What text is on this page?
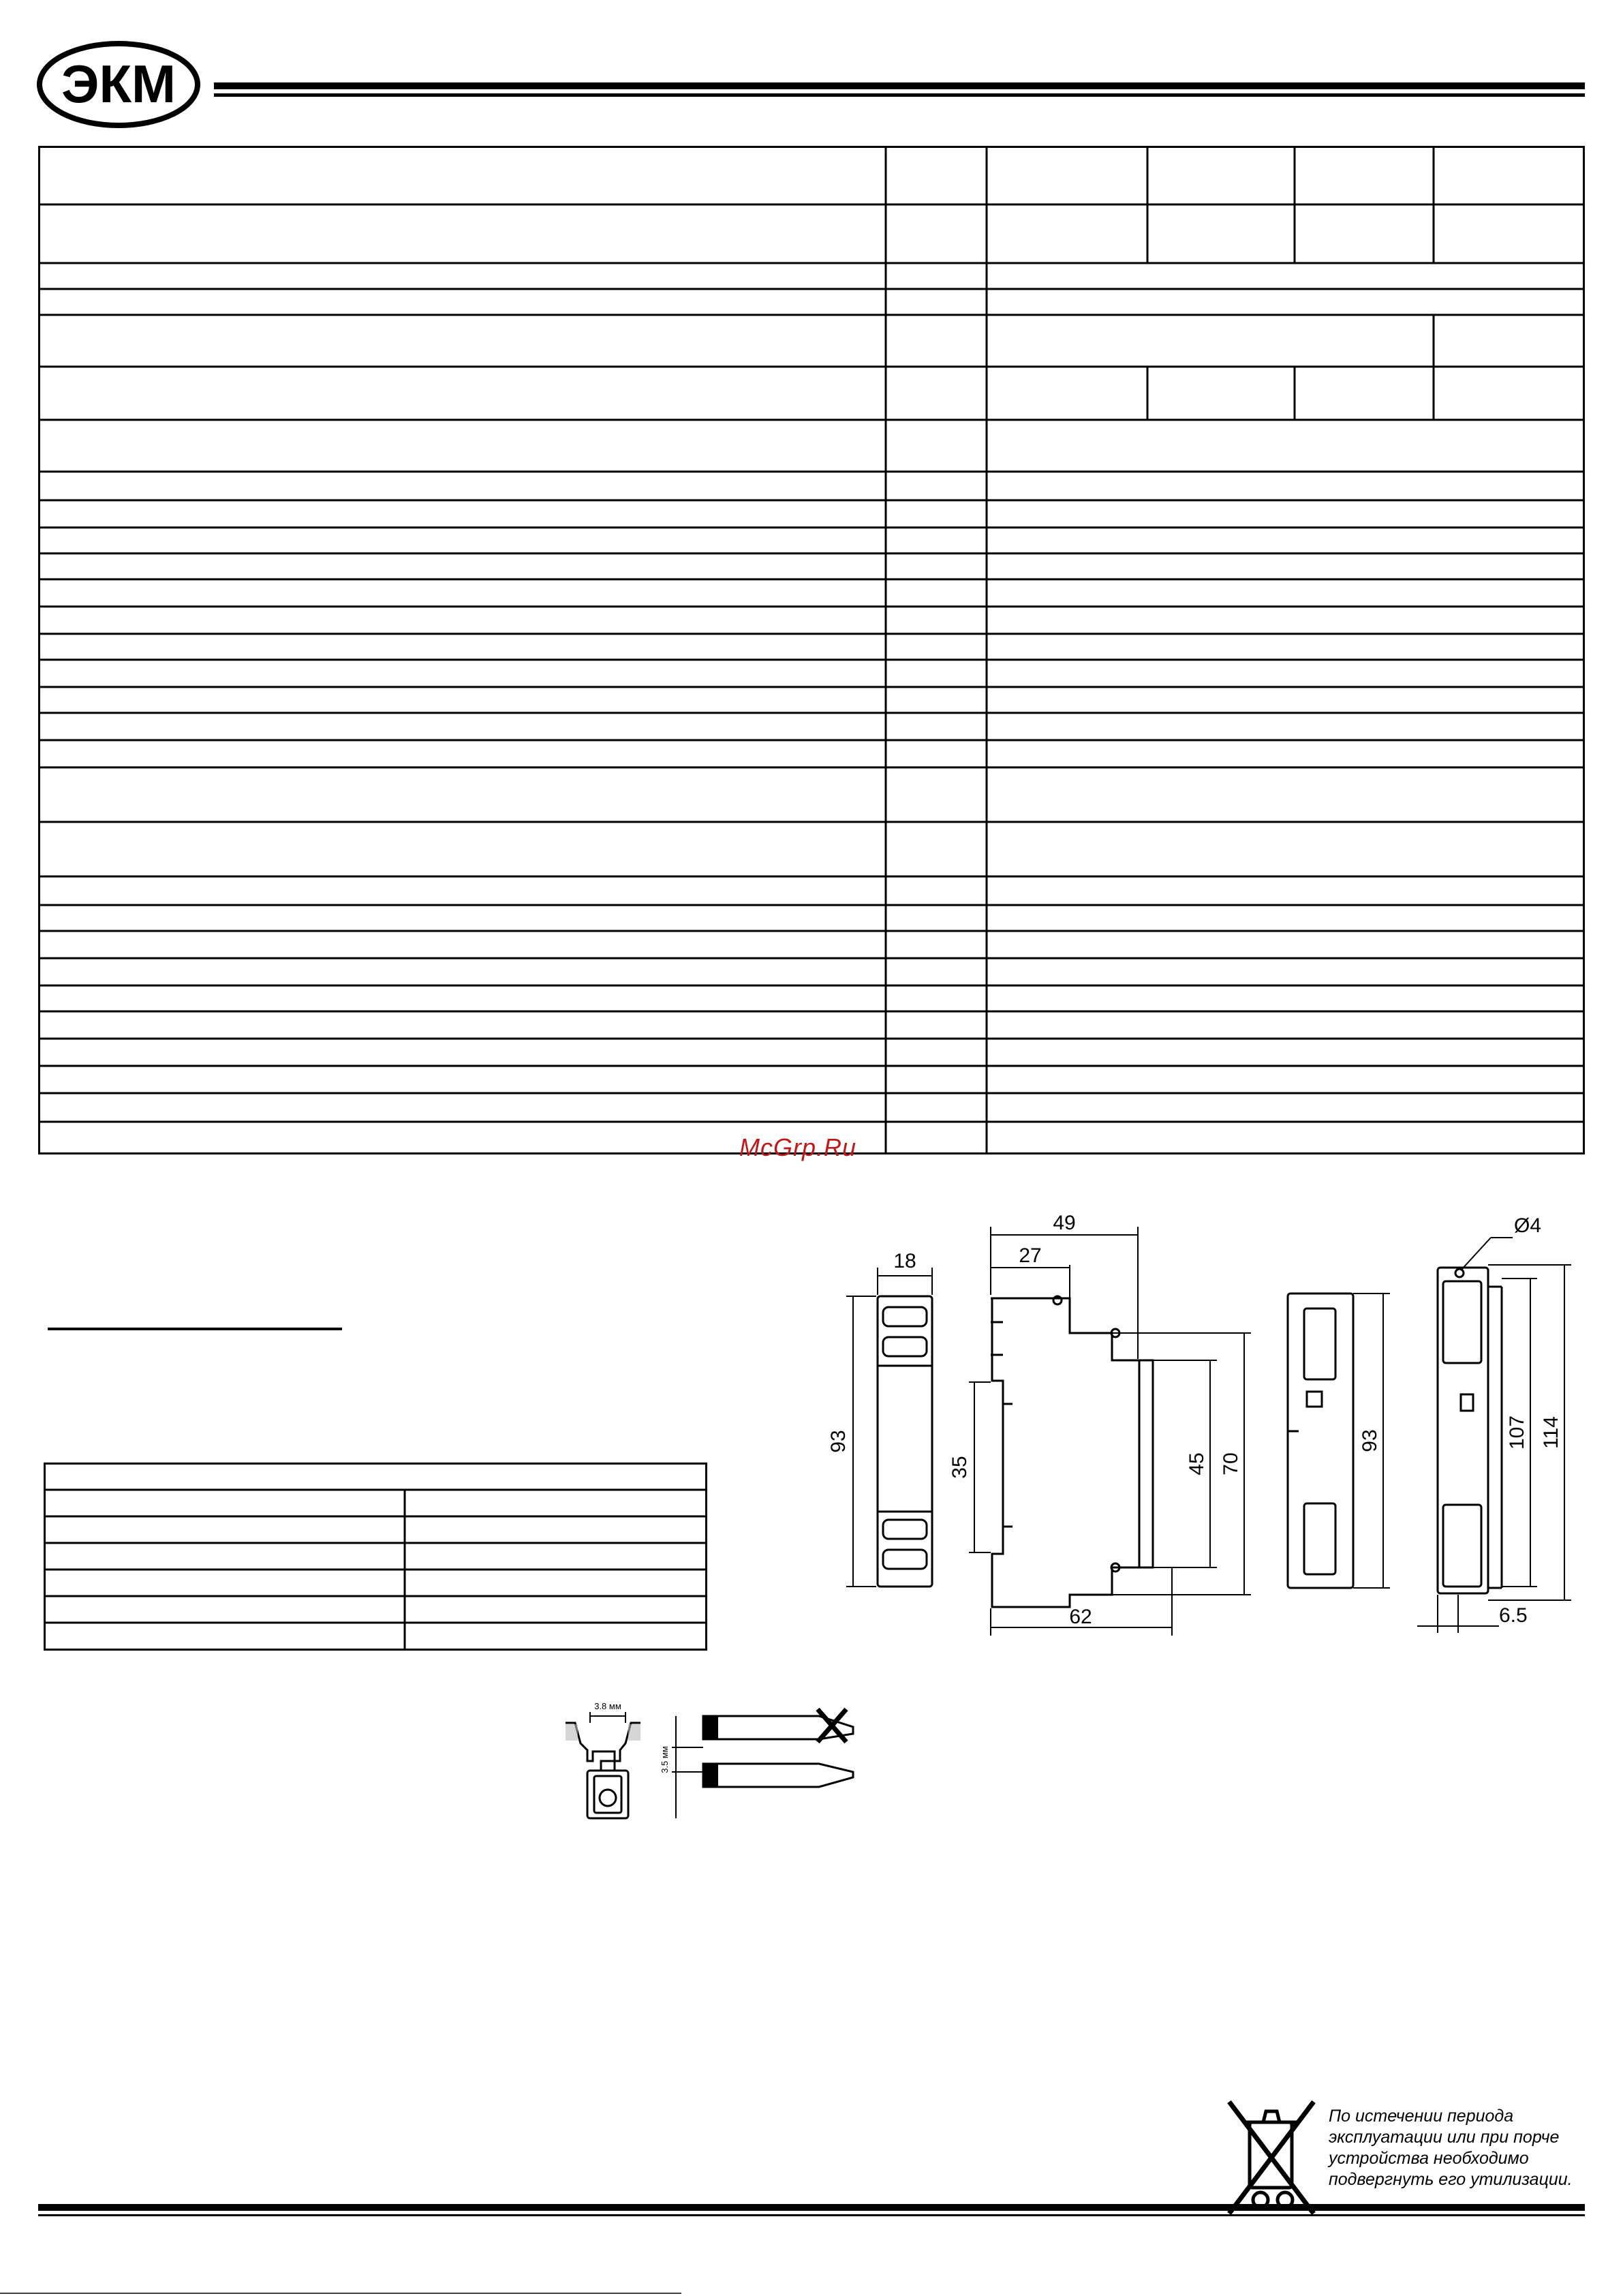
ЭКМ
McGrp.Ru
18
93
49
27
35	45 70
62
93
Ø4
107 114
6.5
3.8 мм
3.5 мм
По истечении периода
эксплуатации или при порче
устройства необходимо
подвергнуть его утилизации.
